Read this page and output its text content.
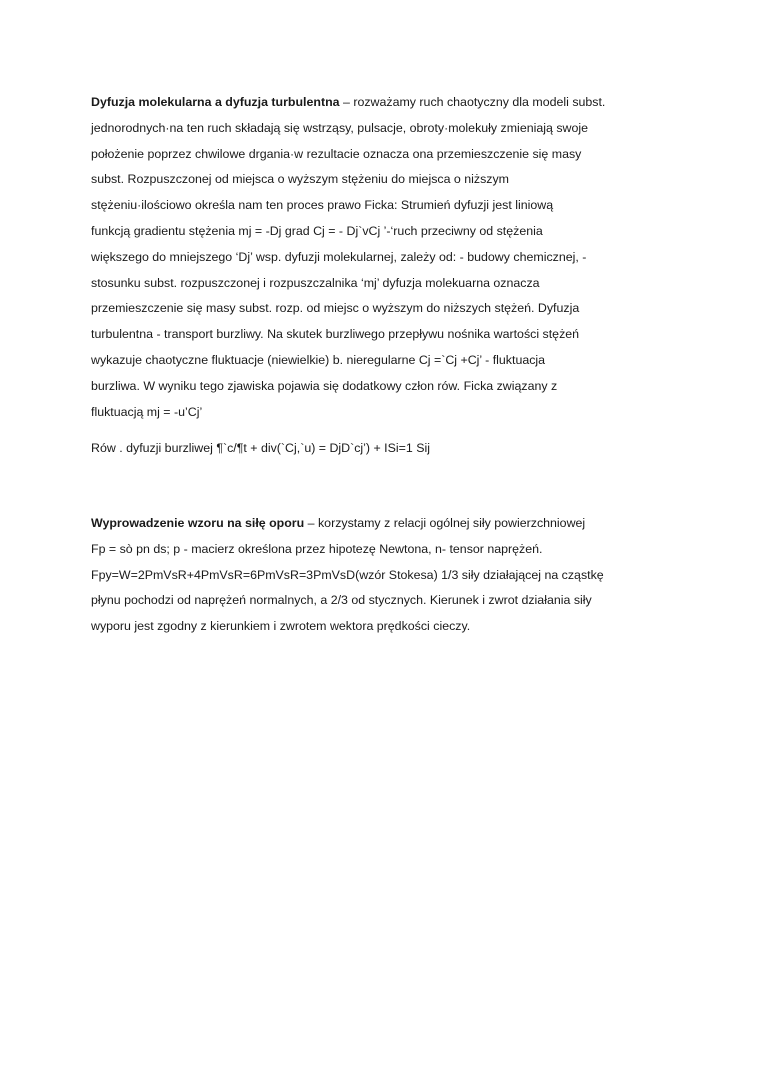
Dyfuzja molekularna a dyfuzja turbulentna – rozważamy ruch chaotyczny dla modeli subst.
jednorodnych·na ten ruch składają się wstrząsy, pulsacje, obroty·molekuły zmieniają swoje
położenie poprzez chwilowe drgania·w rezultacie oznacza ona przemieszczenie się masy
subst. Rozpuszczonej od miejsca o wyższym stężeniu do miejsca o niższym
stężeniu·ilościowo określa nam ten proces prawo Ficka: Strumień dyfuzji jest liniową
funkcją gradientu stężenia mj = -Dj grad Cj = - Dj`vCj ’-‘ruch przeciwny od stężenia
większego do mniejszego ‘Dj’ wsp. dyfuzji molekularnej, zależy od: - budowy chemicznej, -
stosunku subst. rozpuszczonej i rozpuszczalnika ‘mj’ dyfuzja molekuarna oznacza
przemieszczenie się masy subst. rozp. od miejsc o wyższym do niższych stężeń. Dyfuzja
turbulentna - transport burzliwy. Na skutek burzliwego przepływu nośnika wartości stężeń
wykazuje chaotyczne fluktuacje (niewielkie) b. nieregularne Cj =`Cj +Cj’ - fluktuacja
burzliwa. W wyniku tego zjawiska pojawia się dodatkowy człon rów. Ficka związany z
fluktuacją mj = -u’Cj’

Rów . dyfuzji burzliwej ¶`c/¶t + div(`Cj,`u) = DjD`cj’) + ISi=1 Sij

Wyprowadzenie wzoru na siłę oporu – korzystamy z relacji ogólnej siły powierzchniowej
Fp = sò pn ds; p - macierz określona przez hipotezę Newtona, n- tensor naprężeń.
Fpy=W=2PmVsR+4PmVsR=6PmVsR=3PmVsD(wzór Stokesa) 1/3 siły działającej na cząstkę
płynu pochodzi od naprężeń normalnych, a 2/3 od stycznych. Kierunek i zwrot działania siły
wyporu jest zgodny z kierunkiem i zwrotem wektora prędkości cieczy.
